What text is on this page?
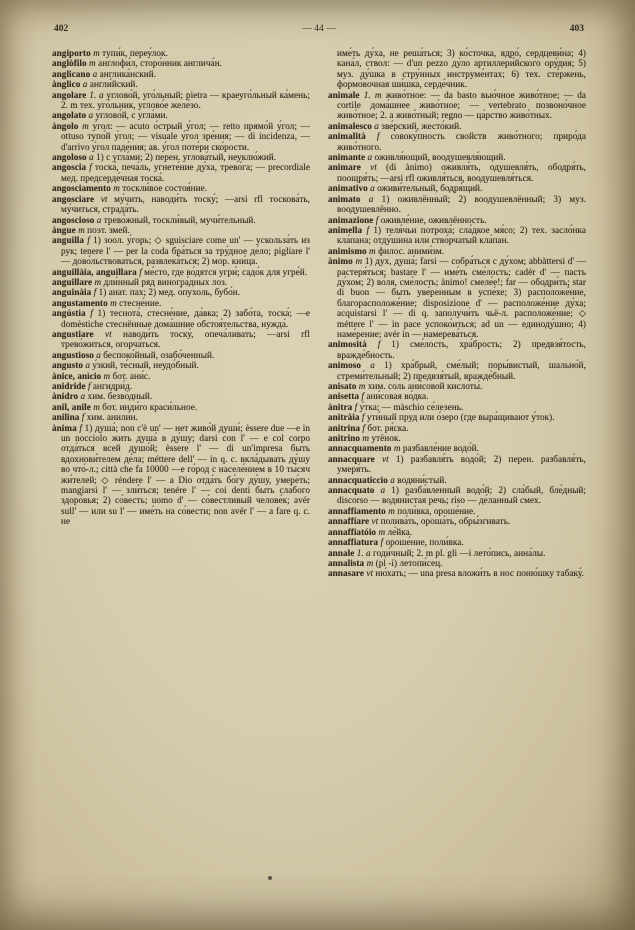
402	— 44 —	403

angiporto m тупи́к, переу́лок.

anglòfilo m англофи́л, сторо́нник англича́н.

anglicano a англика́нский.

ànglico a англи́йский.

angolare 1. a углово́й, уго́льный; pietra — краеуго́льный ка́мень; 2. m тех. уго́льник, углово́е желе́зо.

angolato a углово́й, с угла́ми.

àngolo m у́гол: — acuto о́стрый у́гол; — retto прямо́й у́гол; — ottuso тупо́й у́гол; — visuale у́гол зре́ния; — di incidenza, — d'arrivo у́гол паде́ния; ав. у́гол поте́ри ско́рости.

angoloso a 1) с угла́ми; 2) перен. углова́тый, неуклю́жий.

angoscia f тоска́, печа́ль, угнете́ние ду́ха, трево́га; — precordiale мед. предсерде́чная тоска́.

angosciamento m тоскли́вое состоя́ние.

angosciare vt му́чить, наводи́ть тоску́; —arsi rfl тоскова́ть, му́читься, страда́ть.

angoscioso a трево́жный, тоскли́вый, мучи́тельный.

àngue m поэт. змей.

anguilla f 1) зоол. у́горь; ◇ sguisciare come un' — ускольза́ть из рук; tenere l' — per la coda бра́ться за тру́дное де́ло; pigliare l' — дово́льствоваться, развлека́ться; 2) мор. кни́ца.

anguillàia, anguillara f ме́сто, где во́дятся угри́; садо́к для угре́й.

anguillare m дли́нный ряд виногра́дных лоз.

anguinàia f 1) анат. пах; 2) мед. о́пухоль, бубо́н.

angustamento m стесне́ние.

angústia f 1) теснота́, стесне́ние, да́вка; 2) забо́та, тоска́; —e domèstiche стеснённые дома́шние обстоя́тельства, нужда́.

angustiare vt наводи́ть тоску́, опеча́ливать; —arsi rfl трево́житься, огорча́ться.

angustioso a беспоко́йный, озабо́ченный.

angusto a у́зкий, те́сный, неудо́бный.

ànice, anìcio m бот. ани́с.

anidride f ангидри́д.

ànidro a хим. безво́дный.

anil, anile m бот. инди́го краси́льное.

anilina f хим. анили́н.

ànima f 1) душа́; non c'è un' — нет живо́й души́; èssere due —e in un nocciolo жить душа́ в ду́шу; darsi con l' — e col corpo отда́ться всей душо́й; èssere l' — di un'impresa быть вдохнови́телем де́ла; méttere dell' — in q. c. вкла́дывать ду́шу во что́-л.; città che fa 10000 —e го́род с населе́нием в 10 ты́сяч жи́телей; ◇ réndere l' — a Dio отда́ть бо́гу ду́шу, умере́ть; mangiarsi l' — зли́ться; tenére l' — coi denti быть сла́бого здоро́вья; 2) со́весть; uomo d' — со́вестливый челове́к; avér sull' — или su l' — име́ть на со́вести; non avér l' — a fare q. c. не

име́ть ду́ха, не реша́ться; 3) ко́сточка, ядро́, сердцеви́на; 4) кана́л, ствол: — d'un pezzo ду́ло артиллери́йского ору́дия; 5) муз. ду́шка в стру́нных инструме́нтах; 6) тех. сте́ржень, формо́вочная ши́шка, серде́чник.

animale 1. m живо́тное: — da basto вью́чное живо́тное; — da cortile дома́шнее живо́тное; — vertebrato позвоно́чное живо́тное; 2. a живо́тный; regno — ца́рство живо́тных.

animalesco a зве́рский, жесто́кий.

animalità f совоку́пность свойств живо́тного; приро́да живо́тного.

animante a оживля́ющий, воодушевля́ющий.

animare vt (di ànimo) оживля́ть, одушевля́ть, ободря́ть, поощря́ть; —arsi rfl оживля́ться, воодушевля́ться.

animativo a оживи́тельный, бодря́щий.

animato a 1) оживлённый; 2) воодушевлённый; 3) муз. воодушевлённо.

animazione f оживле́ние, оживлённость.

animella f 1) теля́чьи потроха́; сла́дкое мя́со; 2) тех. засло́нка кла́пана; отду́шина или ство́рчатый кла́пан.

animismo m филос. аними́зм.

ànimo m 1) дух, душа́; farsi — собра́ться с ду́хом; abbàttersi d' — растеря́ться; bastare l' — име́ть сме́лость; cadér d' — пасть ду́хом; 2) во́ля, сме́лость; ànimo! смеле́е!; far — ободри́ть; star di buon — быть уве́ренным в успе́хе; 3) расположе́ние, благорасположе́ние; disposizione d' — расположе́ние ду́ха; acquistarsi l' — di q. заполучи́ть чьё-л. расположе́ние; ◇ méttere l' — in pace успоко́иться; ad un — единоду́шно; 4) наме́рение; avér in — намерева́ться.

animosità f 1) сме́лость, хра́брость; 2) предвзя́тость, вражде́бность.

animoso a 1) хра́брый, сме́лый; поры́вистый, шально́й, стреми́тельный; 2) предвзя́тый, вражде́бный.

anisato m хим. соль ани́совой кислоты́.

anisetta f ани́совая во́дка.

ànitra f у́тка; — màschio се́лезень.

anitràia f ути́ный пруд или о́зеро (где выра́щивают у́ток).

anitrina f бот. ря́ска.

anitrino m утёнок.

annacquamento m разбавле́ние водо́й.

annacquare vt 1) разбавля́ть водо́й; 2) перен. разбавля́ть, умеря́ть.

annacquaticcio a водяни́стый.

annacquato a 1) разба́вленный водо́й; 2) сла́бый, бле́дный; discorso — водяни́стая речь; riso — де́ланный смех.

annaffiamento m поли́вка, ороше́ние.

annaffiare vt полива́ть, ороша́ть, обры́згивать.

annaffiatóio m ле́йка.

annaffiatura f ороше́ние, поли́вка.

annale 1. a годи́чный; 2. m pl. gli —i лето́пись, анна́лы.

annalista m (pl -i) летопи́сец.

annasare vt ню́хать; — una presa вложи́ть в нос поню́шку табаку́.
